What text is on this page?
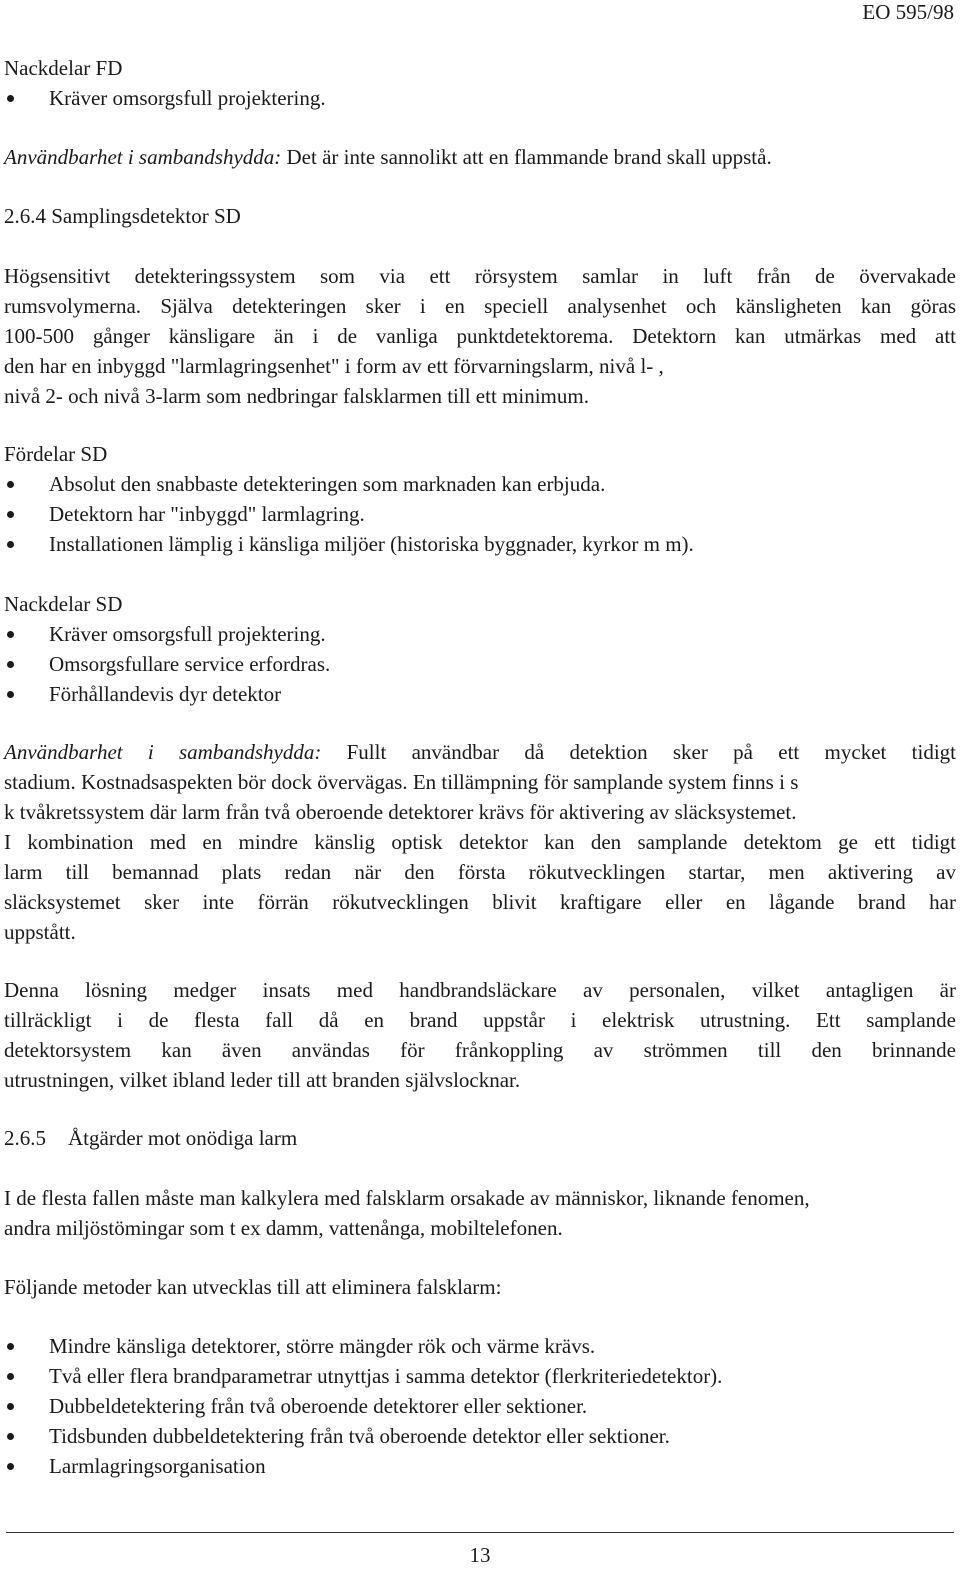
EO 595/98

Nackdelar FD

Kräver omsorgsfull projektering.

Användbarhet i sambandshydda: Det är inte sannolikt att en flammande brand skall uppstå.

2.6.4 Samplingsdetektor SD

Högsensitivt detekteringssystem som via ett rörsystem samlar in luft från de övervakade
rumsvolymerna. Själva detekteringen sker i en speciell analysenhet och känsligheten kan göras
100-500 gånger känsligare än i de vanliga punktdetektorema. Detektorn kan utmärkas med att
den har en inbyggd "larmlagringsenhet" i form av ett förvarningslarm, nivå l- ,
nivå 2- och nivå 3-larm som nedbringar falsklarmen till ett minimum.

Fördelar SD

Absolut den snabbaste detekteringen som marknaden kan erbjuda.
Detektorn har "inbyggd" larmlagring.
Installationen lämplig i känsliga miljöer (historiska byggnader, kyrkor m m).

Nackdelar SD

Kräver omsorgsfull projektering.
Omsorgsfullare service erfordras.
Förhållandevis dyr detektor
Användbarhet i sambandshydda: Fullt användbar då detektion sker på ett mycket tidigt
stadium. Kostnadsaspekten bör dock övervägas. En tillämpning för samplande system finns i s
k tvåkretssystem där larm från två oberoende detektorer krävs för aktivering av släcksystemet.
I kombination med en mindre känslig optisk detektor kan den samplande detektom ge ett tidigt
larm till bemannad plats redan när den första rökutvecklingen startar, men aktivering av
släcksystemet sker inte förrän rökutvecklingen blivit kraftigare eller en lågande brand har
uppstått.
Denna lösning medger insats med handbrandsläckare av personalen, vilket antagligen är
tillräckligt i de flesta fall då en brand uppstår i elektrisk utrustning. Ett samplande
detektorsystem kan även användas för frånkoppling av strömmen till den brinnande
utrustningen, vilket ibland leder till att branden självslocknar.

2.6.5 Åtgärder mot onödiga larm

I de flesta fallen måste man kalkylera med falsklarm orsakade av människor, liknande fenomen,
andra miljöstömingar som t ex damm, vattenånga, mobiltelefonen.

Följande metoder kan utvecklas till att eliminera falsklarm:

Mindre känsliga detektorer, större mängder rök och värme krävs.
Två eller flera brandparametrar utnyttjas i samma detektor (flerkriteriedetektor).
Dubbeldetektering från två oberoende detektorer eller sektioner.
Tidsbunden dubbeldetektering från två oberoende detektor eller sektioner.
Larmlagringsorganisation
13
